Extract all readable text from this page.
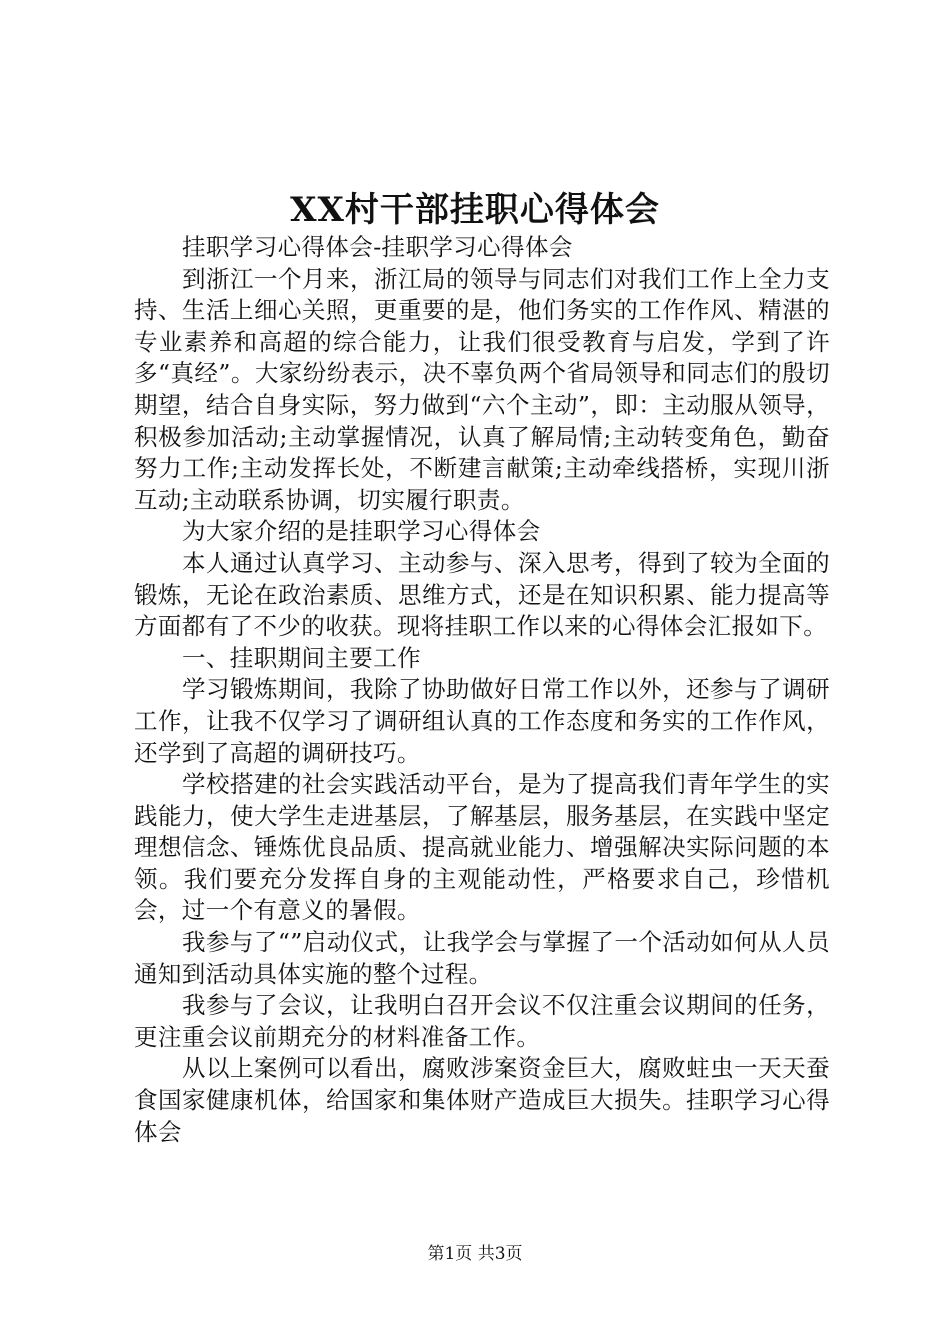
XX村干部挂职心得体会

挂职学习心得体会-挂职学习心得体会

到浙江一个月来，浙江局的领导与同志们对我们工作上全力支持、生活上细心关照，更重要的是，他们务实的工作作风、精湛的专业素养和高超的综合能力，让我们很受教育与启发，学到了许多“真经”。大家纷纷表示，决不辜负两个省局领导和同志们的殷切期望，结合自身实际，努力做到“六个主动”，即：主动服从领导，积极参加活动;主动掌握情况，认真了解局情;主动转变角色，勤奋努力工作;主动发挥长处，不断建言献策;主动牵线搭桥，实现川浙互动;主动联系协调，切实履行职责。

为大家介绍的是挂职学习心得体会

本人通过认真学习、主动参与、深入思考，得到了较为全面的锻炼，无论在政治素质、思维方式，还是在知识积累、能力提高等方面都有了不少的收获。现将挂职工作以来的心得体会汇报如下。

一、挂职期间主要工作

学习锻炼期间，我除了协助做好日常工作以外，还参与了调研工作，让我不仅学习了调研组认真的工作态度和务实的工作作风，还学到了高超的调研技巧。

学校搭建的社会实践活动平台，是为了提高我们青年学生的实践能力，使大学生走进基层，了解基层，服务基层，在实践中坚定理想信念、锤炼优良品质、提高就业能力、增强解决实际问题的本领。我们要充分发挥自身的主观能动性，严格要求自己，珍惜机会，过一个有意义的暑假。

我参与了“”启动仪式，让我学会与掌握了一个活动如何从人员通知到活动具体实施的整个过程。

我参与了会议，让我明白召开会议不仅注重会议期间的任务，更注重会议前期充分的材料准备工作。

从以上案例可以看出，腐败涉案资金巨大，腐败蛀虫一天天蚕食国家健康机体，给国家和集体财产造成巨大损失。挂职学习心得体会

第1页 共3页
